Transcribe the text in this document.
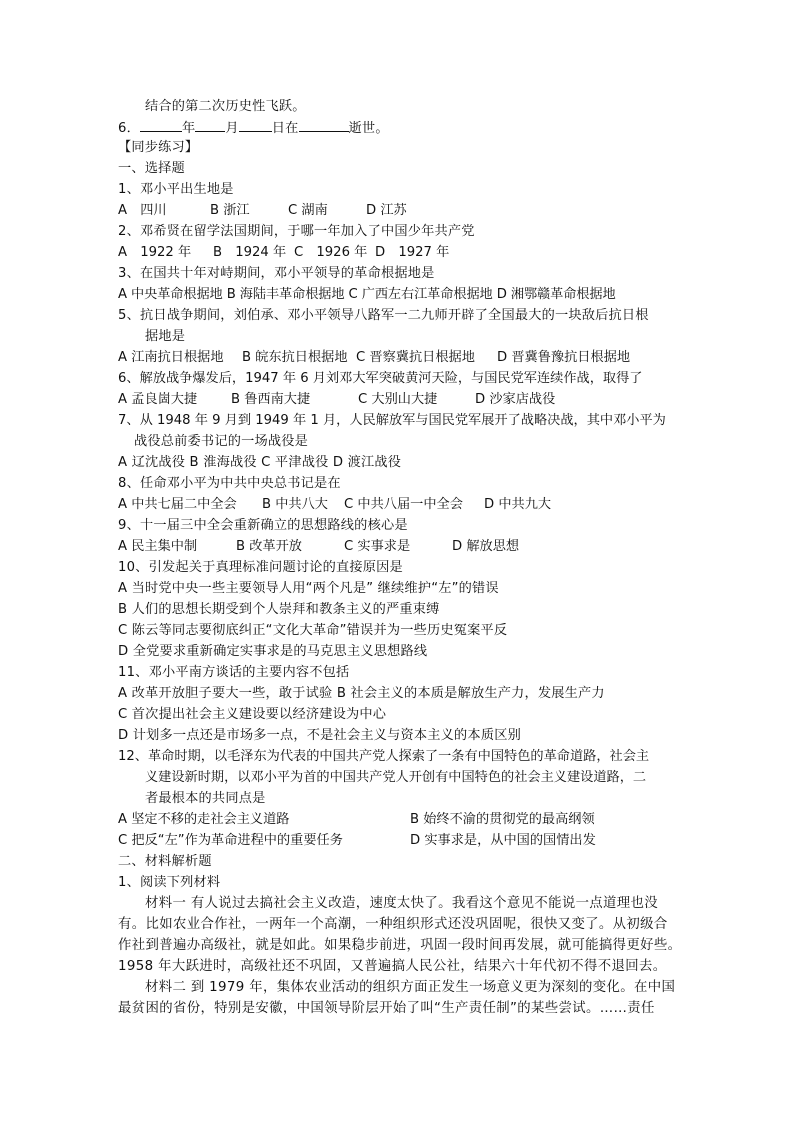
结合的第二次历史性飞跃。
6．	年 月	日在	逝世。
【同步练习】
一、选择题
1、邓小平出生地是
A　四川	B 浙江	C 湖南	D 江苏
2、邓希贤在留学法国期间，于哪一年加入了中国少年共产党
A　1922 年 B　1924 年 C　1926 年 D　1927 年
3、在国共十年对峙期间，邓小平领导的革命根据地是
A 中央革命根据地 B 海陆丰革命根据地 C 广西左右江革命根据地 D 湘鄂赣革命根据地
5、抗日战争期间，刘伯承、邓小平领导八路军一二九师开辟了全国最大的一块敌后抗日根
据地是
A 江南抗日根据地 B 皖东抗日根据地 C 晋察冀抗日根据地 D 晋冀鲁豫抗日根据地
6、解放战争爆发后，1947 年 6 月刘邓大军突破黄河天险，与国民党军连续作战，取得了
A 孟良崮大捷	B 鲁西南大捷	C 大别山大捷	D 沙家店战役
7、从 1948 年 9 月到 1949 年 1 月，人民解放军与国民党军展开了战略决战，其中邓小平为
战役总前委书记的一场战役是
A 辽沈战役 B 淮海战役 C 平津战役 D 渡江战役
8、任命邓小平为中共中央总书记是在
A 中共七届二中全会 B 中共八大 C 中共八届一中全会 D 中共九大
9、十一届三中全会重新确立的思想路线的核心是
A 民主集中制	B 改革开放	C 实事求是	D 解放思想
10、引发起关于真理标准问题讨论的直接原因是
A 当时党中央一些主要领导人用“两个凡是” 继续维护“左”的错误
B 人们的思想长期受到个人崇拜和教条主义的严重束缚
C 陈云等同志要彻底纠正“文化大革命”错误并为一些历史冤案平反
D 全党要求重新确定实事求是的马克思主义思想路线
11、邓小平南方谈话的主要内容不包括
A 改革开放胆子要大一些，敢于试验 B 社会主义的本质是解放生产力，发展生产力
C 首次提出社会主义建设要以经济建设为中心
D 计划多一点还是市场多一点，不是社会主义与资本主义的本质区别
12、革命时期，以毛泽东为代表的中国共产党人探索了一条有中国特色的革命道路，社会主
义建设新时期，以邓小平为首的中国共产党人开创有中国特色的社会主义建设道路，二
者最根本的共同点是
A 坚定不移的走社会主义道路	B 始终不渝的贯彻党的最高纲领
C 把反“左”作为革命进程中的重要任务	D 实事求是，从中国的国情出发
二、材料解析题
1、阅读下列材料
材料一 有人说过去搞社会主义改造，速度太快了。我看这个意见不能说一点道理也没
有。比如农业合作社，一两年一个高潮，一种组织形式还没巩固呢，很快又变了。从初级合
作社到普遍办高级社，就是如此。如果稳步前进，巩固一段时间再发展，就可能搞得更好些。
1958 年大跃进时，高级社还不巩固，又普遍搞人民公社，结果六十年代初不得不退回去。
材料二 到 1979 年，集体农业活动的组织方面正发生一场意义更为深刻的变化。在中国
最贫困的省份，特别是安徽，中国领导阶层开始了叫“生产责任制”的某些尝试。……责任
